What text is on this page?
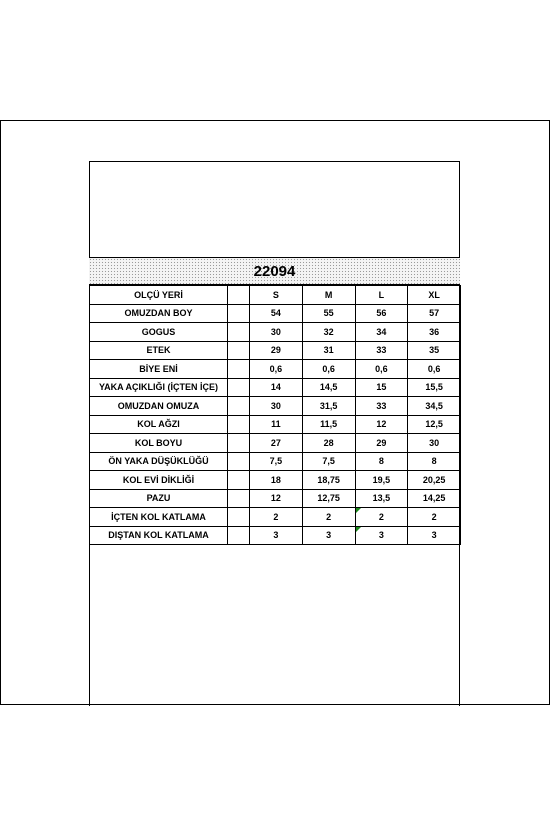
22094
OLÇÜ YERİ		S	M	L	XL
OMUZDAN BOY		54	55	56	57
GOGUS		30	32	34	36
ETEK		29	31	33	35
BİYE ENİ		0,6	0,6	0,6	0,6
YAKA AÇIKLIĞI (İÇTEN İÇE)		14	14,5	15	15,5
OMUZDAN OMUZA		30	31,5	33	34,5
KOL AĞZI		11	11,5	12	12,5
KOL BOYU		27	28	29	30
ÖN YAKA DÜŞÜKLÜĞÜ		7,5	7,5	8	8
KOL EVİ DİKLİĞİ		18	18,75	19,5	20,25
PAZU		12	12,75	13,5	14,25
İÇTEN KOL KATLAMA		2	2	2	2
DIŞTAN KOL KATLAMA		3	3	3	3
